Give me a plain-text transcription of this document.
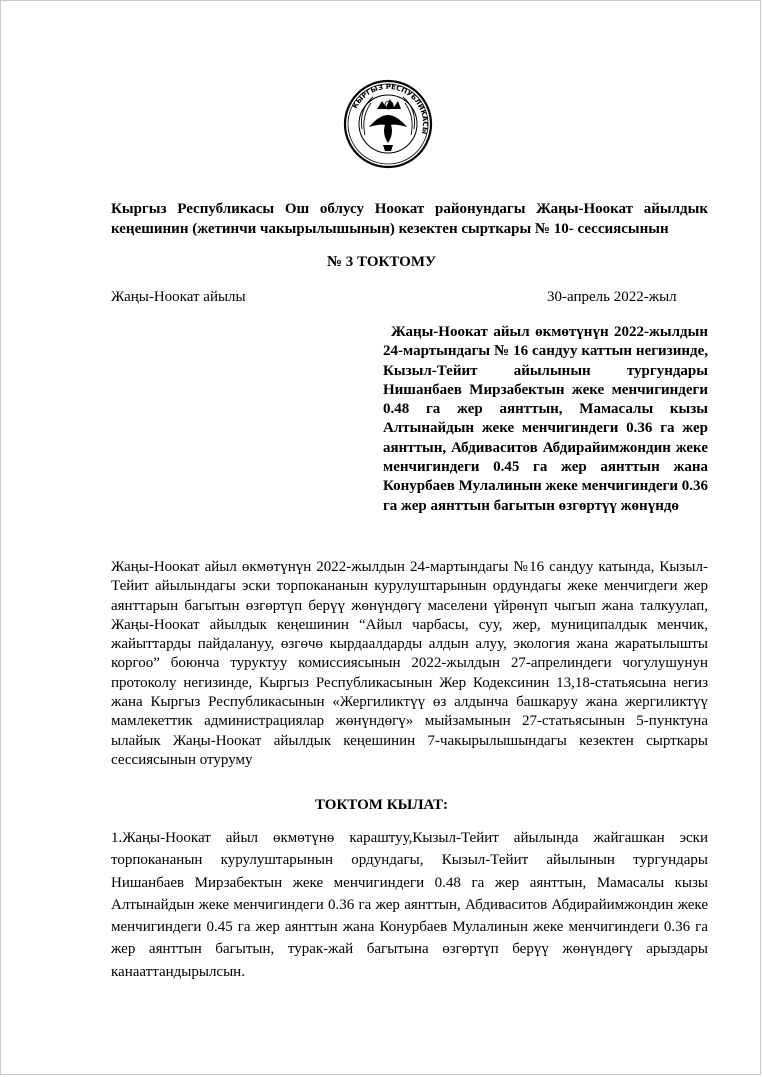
КЫРГЫЗ РЕСПУБЛИКАСЫ
Кыргыз Республикасы Ош облусу Ноокат районундагы Жаңы-Ноокат айылдык кеңешинин (жетинчи чакырылышынын) кезектен сырткары № 10- сессиясынын
№ 3 ТОКТОМУ
Жаңы-Ноокат айылы	30-апрель 2022-жыл
Жаңы-Ноокат айыл өкмөтүнүн 2022-жылдын 24-мартындагы № 16 сандуу каттын негизинде, Кызыл-Тейит айылынын тургундары Нишанбаев Мирзабектын жеке менчигиндеги 0.48 га жер аянттын, Мамасалы кызы Алтынайдын жеке менчигиндеги 0.36 га жер аянттын, Абдиваситов Абдирайимжондин жеке менчигиндеги 0.45 га жер аянттын жана Конурбаев Мулалинын жеке менчигиндеги 0.36 га жер аянттын багытын өзгөртүү жөнүндө
Жаңы-Ноокат айыл өкмөтүнүн 2022-жылдын 24-мартындагы №16 сандуу катында, Кызыл-Тейит айылындагы эски торпокананын курулуштарынын ордундагы жеке менчигдеги жер аянттарын багытын өзгөртүп берүү жөнүндөгү маселени үйрөнүп чыгып жана талкуулап, Жаңы-Ноокат айылдык кеңешинин “Айыл чарбасы, суу, жер, муниципалдык менчик, жайыттарды пайдалануу, өзгөчө кырдаалдарды алдын алуу, экология жана жаратылышты коргоо” боюнча туруктуу комиссиясынын 2022-жылдын 27-апрелиндеги чогулушунун протоколу негизинде, Кыргыз Республикасынын Жер Кодексинин 13,18-статьясына негиз жана Кыргыз Республикасынын «Жергиликтүү өз алдынча башкаруу жана жергиликтүү мамлекеттик администрациялар жөнүндөгү» мыйзамынын 27-статьясынын 5-пунктуна ылайык Жаңы-Ноокат айылдык кеңешинин 7-чакырылышындагы кезектен сырткары сессиясынын отуруму
ТОКТОМ КЫЛАТ:
1.Жаңы-Ноокат айыл өкмөтүнө караштуу,Кызыл-Тейит айылында жайгашкан эски торпокананын курулуштарынын ордундагы, Кызыл-Тейит айылынын тургундары Нишанбаев Мирзабектын жеке менчигиндеги 0.48 га жер аянттын, Мамасалы кызы Алтынайдын жеке менчигиндеги 0.36 га жер аянттын, Абдиваситов Абдирайимжондин жеке менчигиндеги 0.45 га жер аянттын жана Конурбаев Мулалинын жеке менчигиндеги 0.36 га жер аянттын багытын, турак-жай багытына өзгөртүп берүү жөнүндөгү арыздары канааттандырылсын.
